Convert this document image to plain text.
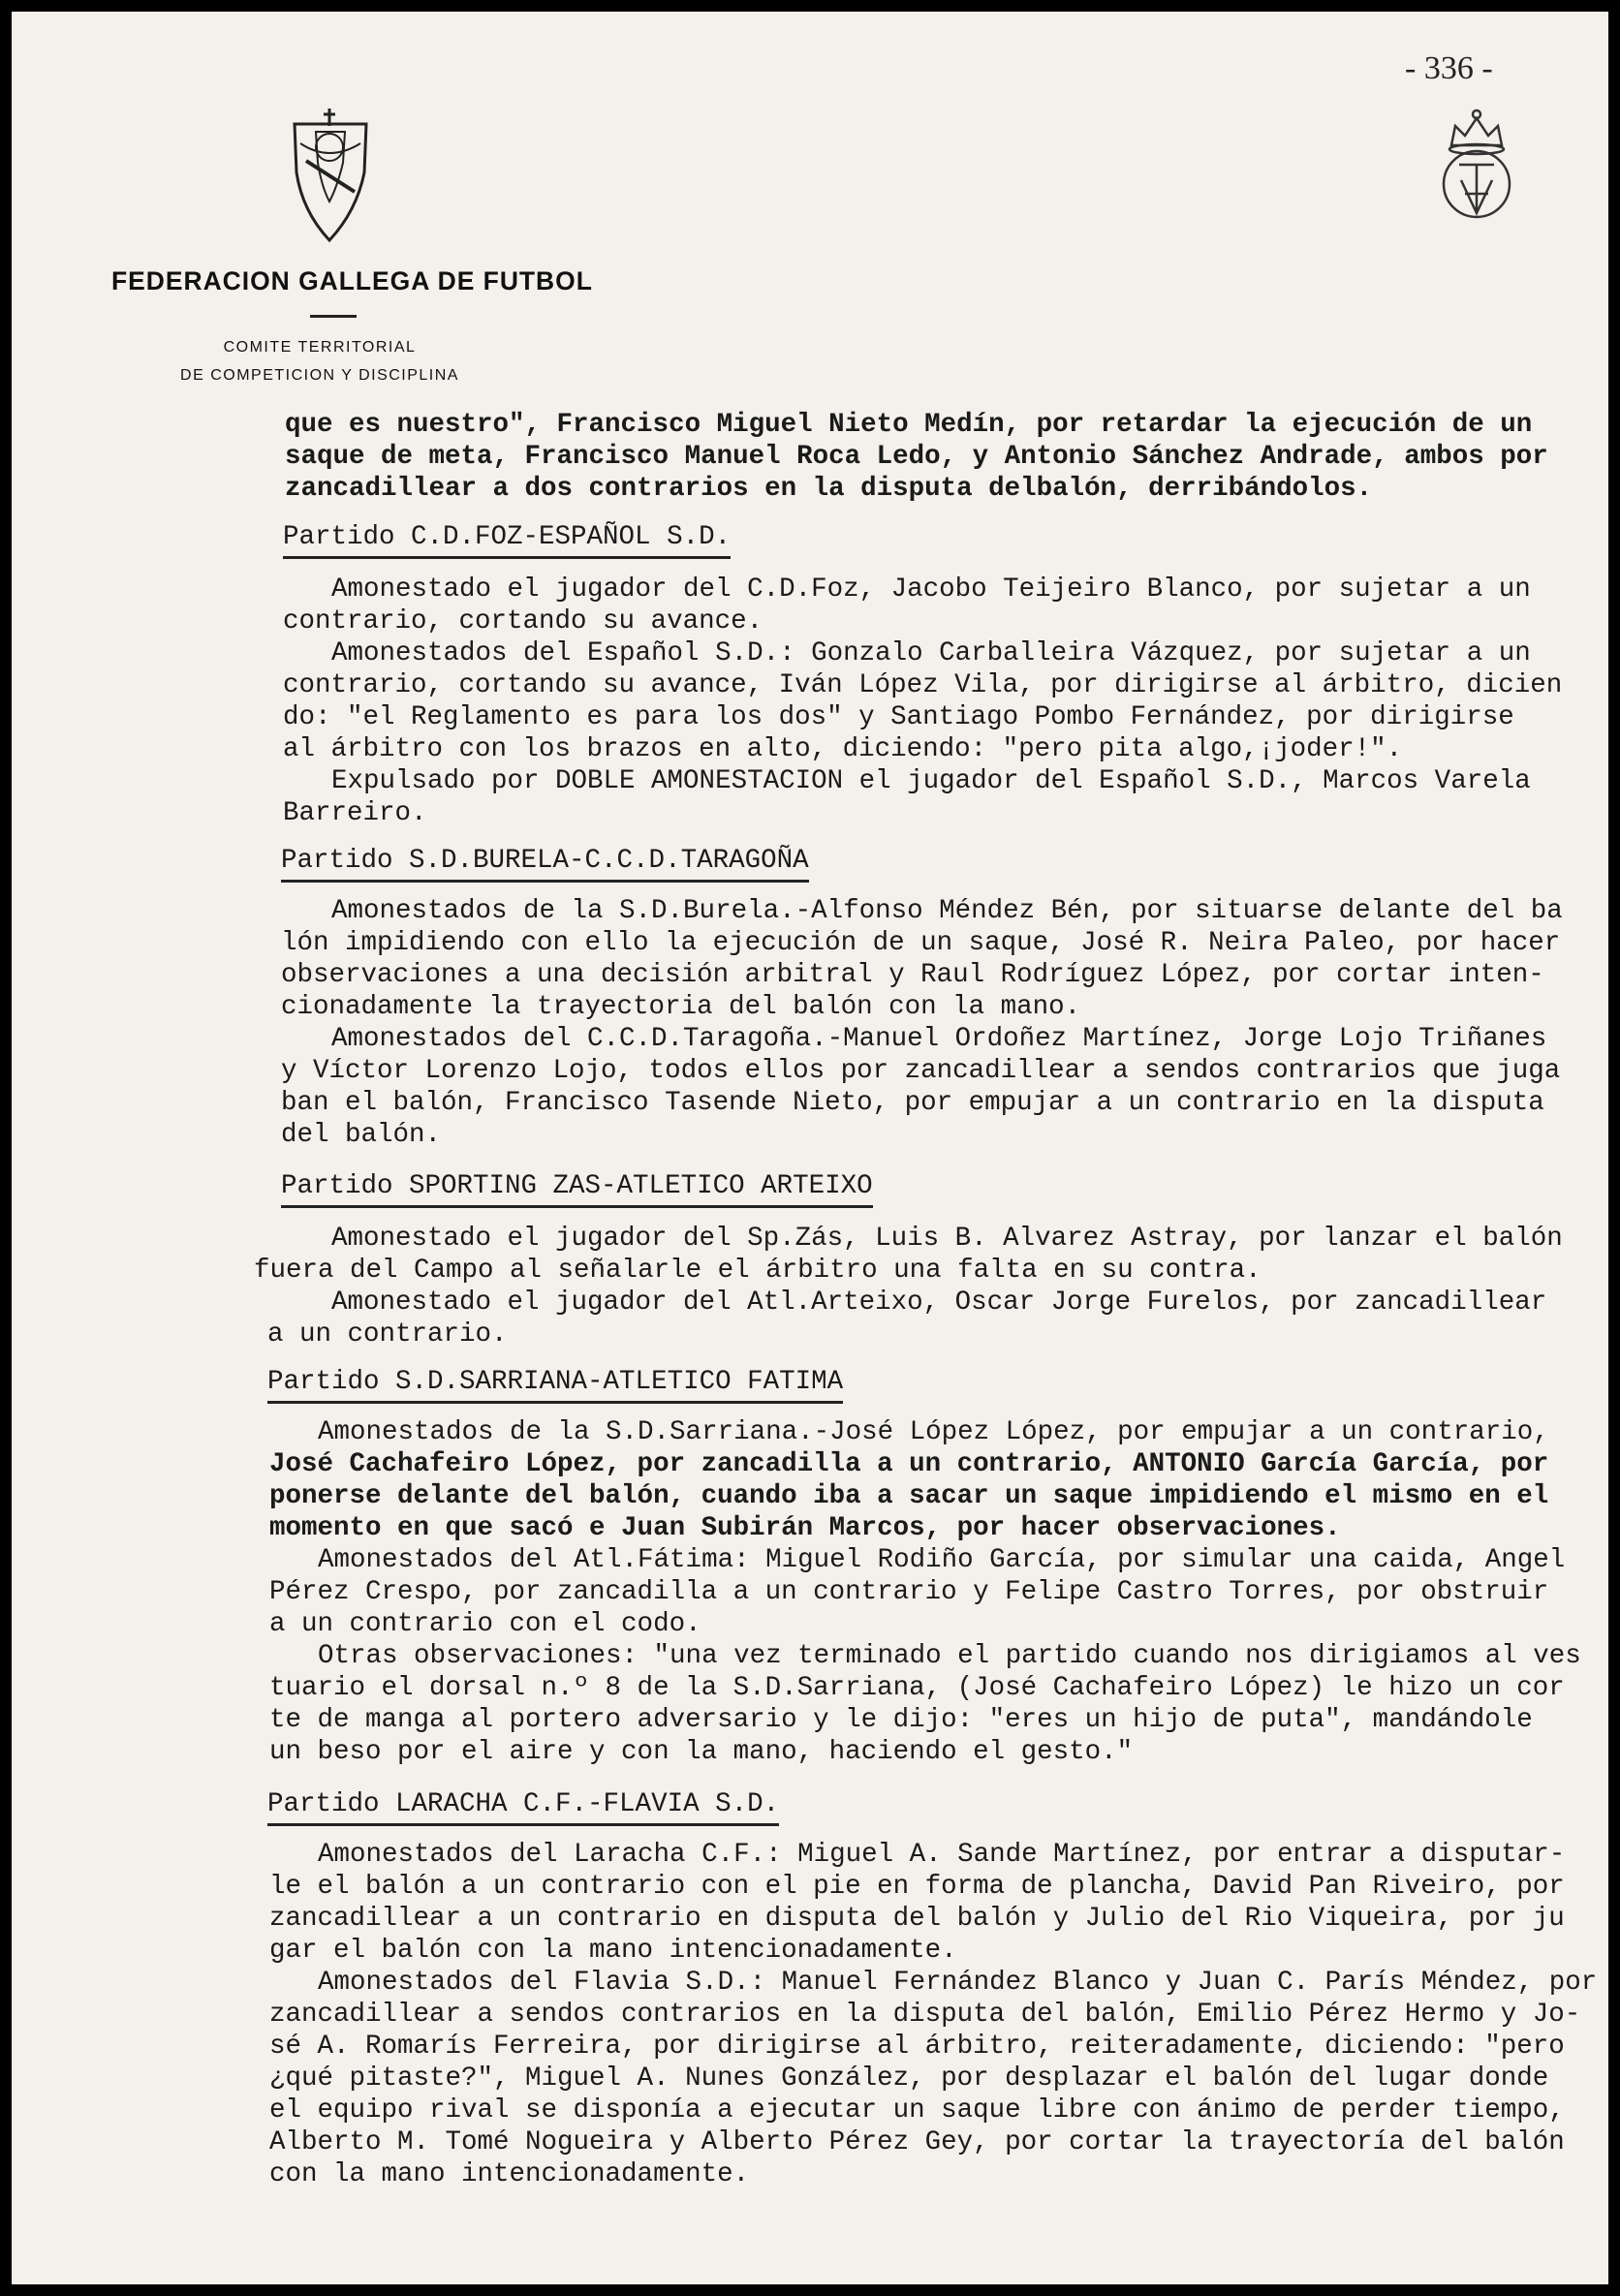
- 336 -
FEDERACION GALLEGA DE FUTBOL
COMITE TERRITORIAL
DE COMPETICION Y DISCIPLINA
que es nuestro", Francisco Miguel Nieto Medín, por retardar la ejecución de un
saque de meta, Francisco Manuel Roca Ledo, y Antonio Sánchez Andrade, ambos por
zancadillear a dos contrarios en la disputa delbalón, derribándolos.
Partido C.D.FOZ-ESPAÑOL S.D.
Amonestado el jugador del C.D.Foz, Jacobo Teijeiro Blanco, por sujetar a un
contrario, cortando su avance.
Amonestados del Español S.D.: Gonzalo Carballeira Vázquez, por sujetar a un
contrario, cortando su avance, Iván López Vila, por dirigirse al árbitro, dicien
do: "el Reglamento es para los dos" y Santiago Pombo Fernández, por dirigirse
al árbitro con los brazos en alto, diciendo: "pero pita algo,¡joder!".
Expulsado por DOBLE AMONESTACION el jugador del Español S.D., Marcos Varela
Barreiro.
Partido S.D.BURELA-C.C.D.TARAGOÑA
Amonestados de la S.D.Burela.-Alfonso Méndez Bén, por situarse delante del ba
lón impidiendo con ello la ejecución de un saque, José R. Neira Paleo, por hacer
observaciones a una decisión arbitral y Raul Rodríguez López, por cortar inten-
cionadamente la trayectoria del balón con la mano.
Amonestados del C.C.D.Taragoña.-Manuel Ordoñez Martínez, Jorge Lojo Triñanes
y Víctor Lorenzo Lojo, todos ellos por zancadillear a sendos contrarios que juga
ban el balón, Francisco Tasende Nieto, por empujar a un contrario en la disputa
del balón.
Partido SPORTING ZAS-ATLETICO ARTEIXO
Amonestado el jugador del Sp.Zás, Luis B. Alvarez Astray, por lanzar el balón
fuera del Campo al señalarle el árbitro una falta en su contra.
Amonestado el jugador del Atl.Arteixo, Oscar Jorge Furelos, por zancadillear
a un contrario.
Partido S.D.SARRIANA-ATLETICO FATIMA
Amonestados de la S.D.Sarriana.-José López López, por empujar a un contrario,
José Cachafeiro López, por zancadilla a un contrario, ANTONIO García García, por
ponerse delante del balón, cuando iba a sacar un saque impidiendo el mismo en el
momento en que sacó e Juan Subirán Marcos, por hacer observaciones.
Amonestados del Atl.Fátima: Miguel Rodiño García, por simular una caida, Angel
Pérez Crespo, por zancadilla a un contrario y Felipe Castro Torres, por obstruir
a un contrario con el codo.
Otras observaciones: "una vez terminado el partido cuando nos dirigiamos al ves
tuario el dorsal n.º 8 de la S.D.Sarriana, (José Cachafeiro López) le hizo un cor
te de manga al portero adversario y le dijo: "eres un hijo de puta", mandándole
un beso por el aire y con la mano, haciendo el gesto."
Partido LARACHA C.F.-FLAVIA S.D.
Amonestados del Laracha C.F.: Miguel A. Sande Martínez, por entrar a disputar-
le el balón a un contrario con el pie en forma de plancha, David Pan Riveiro, por
zancadillear a un contrario en disputa del balón y Julio del Rio Viqueira, por ju
gar el balón con la mano intencionadamente.
Amonestados del Flavia S.D.: Manuel Fernández Blanco y Juan C. París Méndez, por
zancadillear a sendos contrarios en la disputa del balón, Emilio Pérez Hermo y Jo-
sé A. Romarís Ferreira, por dirigirse al árbitro, reiteradamente, diciendo: "pero
¿qué pitaste?", Miguel A. Nunes González, por desplazar el balón del lugar donde
el equipo rival se disponía a ejecutar un saque libre con ánimo de perder tiempo,
Alberto M. Tomé Nogueira y Alberto Pérez Gey, por cortar la trayectoría del balón
con la mano intencionadamente.
